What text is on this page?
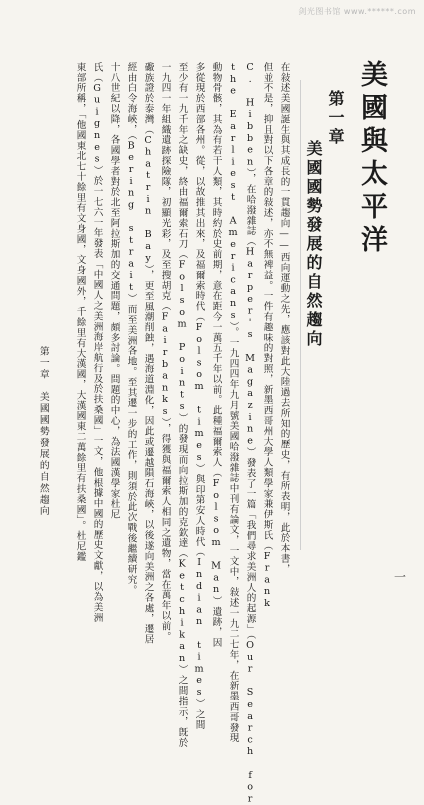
剑光图书馆 www.******.com
美國與太平洋
第一章
美國國勢發展的自然趨向
在敍述美國誕生與其成長的一貫趨向——西向運動之先，應該對此大陸過去所知的歷史，有所表明，此於本書，
但並不是，抑且對以下各章的敍述，亦不無裨益。一件有趣味的對照，新墨西哥州大學人類學家兼伊斯氏（Frank
C. Hibben），在哈潑雜誌（Harper's Magazine）發表了一篇「我們尋求美洲人的起源」（Our Search for
the Earliest Americans）。一九四四年九月號美國哈潑雜誌中刊有論文，一文中，敍述一九二七年，在新墨西哥發現
動物骨骸，其為有若干人類，其時約於史前期，意在距今一萬五千年以前。此種福爾索人（Folsom Man）遺跡，因
多從現於西部各州。從，以故推其出來，及福爾索時代（Folsom times）與印第安人時代（Indian times）之間
至少有一九千年之缺史，終由福爾索石刀（Folsom Points）的發現而向拉斯加的克欽達（Ketchikan）之間指示，旣於
一九四一年組織遺跡探險隊，初顯光彩，及至搜胡克（Fairbanks），得獲與福爾索人相同之遺物，當在萬年以前。
礮族證於泰灣（Chatrin Bay），更至風潮削蝕，遇海道淵化，因此或遷越隕石海峽，以後遂向美洲之各處，遷居
經由白令海峽，（Bering strait）而至美洲各地。至其遷一步的工作，則須於此次戰後繼續研究。
十八世紀以降，各國學者對於北至阿拉斯加的交通問題，頗多討論。問題的中心，為法國漢學家杜尼
氏（Guignes）於一七六一年發表「中國人之美洲海岸航行及於扶桑國」一文，他根據中國的歷史文獻，以為美洲
東部所稱，「他國東北七十餘里有文身國，文身國外，千餘里有大漢國，大漢國東二萬餘里有扶桑國」。杜尼鑑
第一章　美國國勢發展的自然趨向
一
